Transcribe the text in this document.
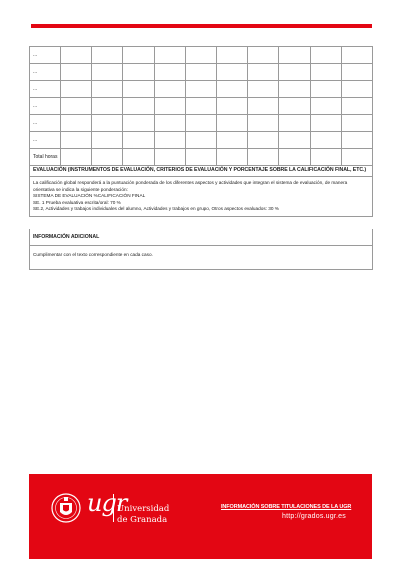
...										
...										
...										
...										
...										
...										
Total horas										
EVALUACIÓN (INSTRUMENTOS DE EVALUACIÓN, CRITERIOS DE EVALUACIÓN Y PORCENTAJE SOBRE LA CALIFICACIÓN FINAL, ETC.)

La calificación global responderá a la puntuación ponderada de los diferentes aspectos y actividades que integran el sistema de evaluación, de manera orientativa se indica la siguiente ponderación:

SISTEMA DE EVALUACIÓN %CALIFICACIÓN FINAL

SE. 1 Prueba evaluativa escrita/oral: 70 %

SE.2, Actividades y trabajos individuales del alumno, Actividades y trabajos en grupo, Otros aspectos evaluados: 30 %

INFORMACIÓN ADICIONAL
Cumplimentar con el texto correspondiente en cada caso.
ugr
Universidad
de Granada
INFORMACIÓN SOBRE TITULACIONES DE LA UGR
http://grados.ugr.es
